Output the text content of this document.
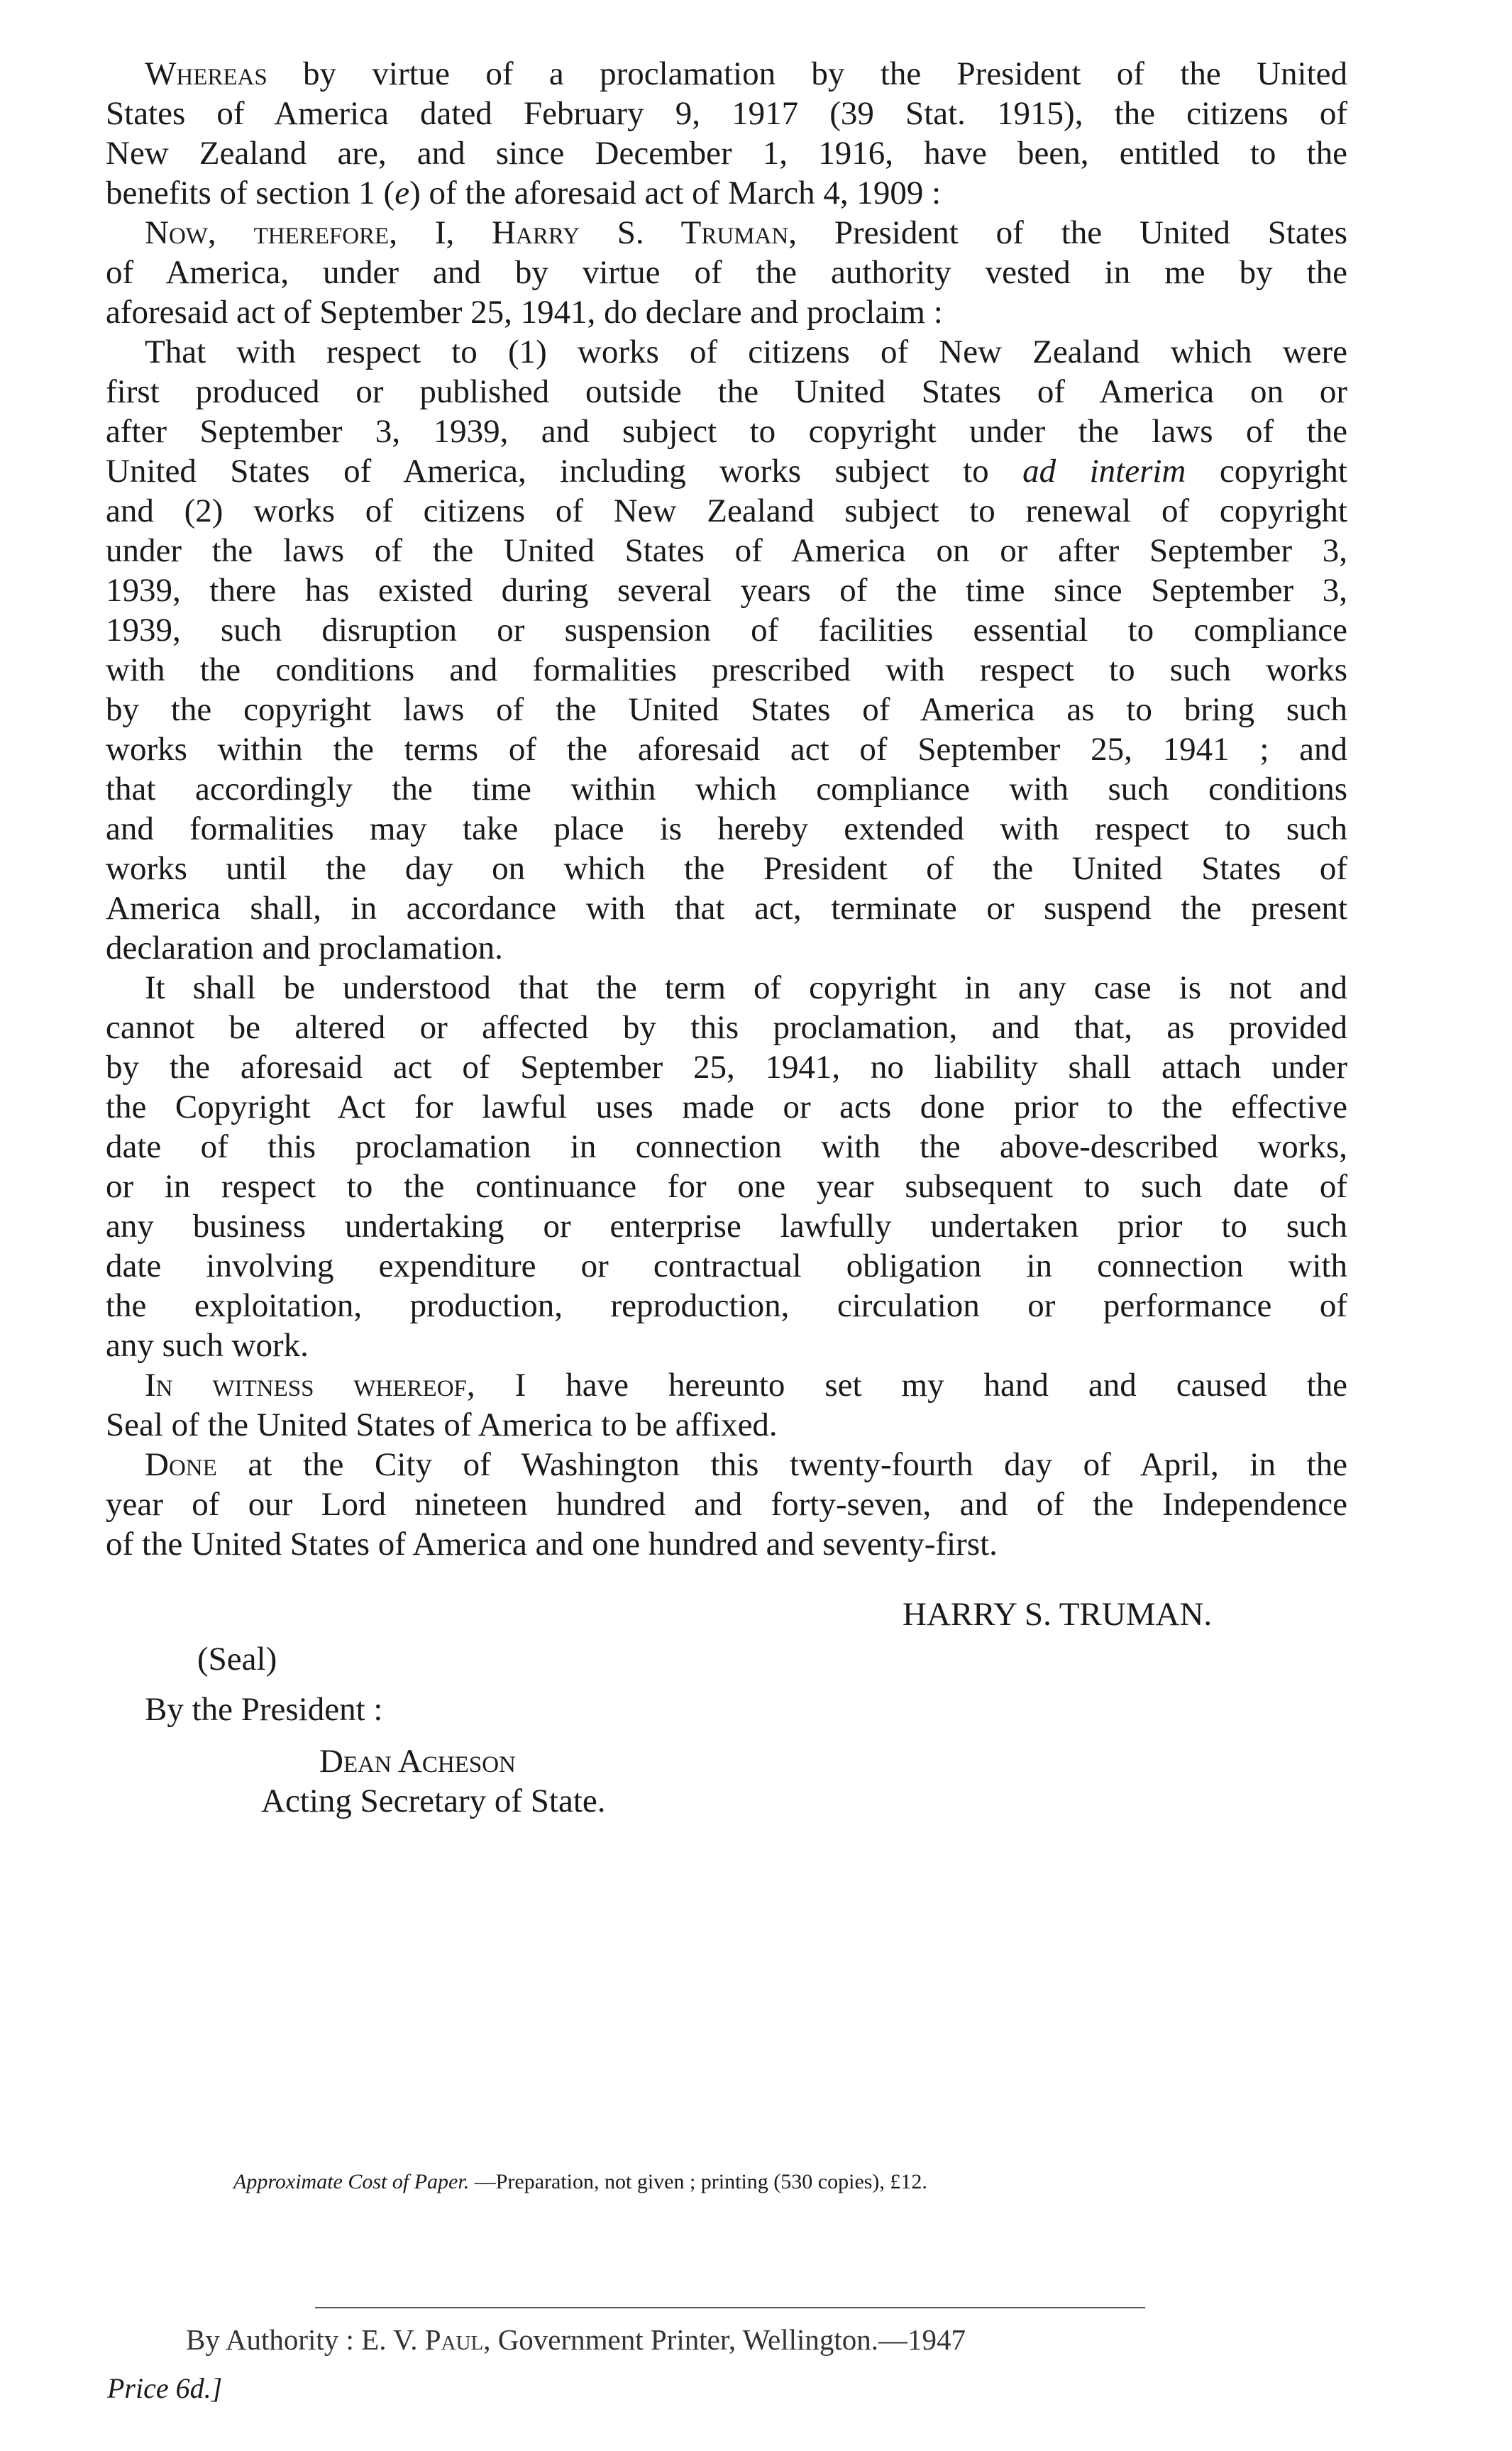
Whereas by virtue of a proclamation by the President of the United
States of America dated February 9, 1917 (39 Stat. 1915), the citizens of
New Zealand are, and since December 1, 1916, have been, entitled to the
benefits of section 1 (e) of the aforesaid act of March 4, 1909 :
Now, therefore, I, Harry S. Truman, President of the United States
of America, under and by virtue of the authority vested in me by the
aforesaid act of September 25, 1941, do declare and proclaim :
That with respect to (1) works of citizens of New Zealand which were
first produced or published outside the United States of America on or
after September 3, 1939, and subject to copyright under the laws of the
United States of America, including works subject to ad interim copyright
and (2) works of citizens of New Zealand subject to renewal of copyright
under the laws of the United States of America on or after September 3,
1939, there has existed during several years of the time since September 3,
1939, such disruption or suspension of facilities essential to compliance
with the conditions and formalities prescribed with respect to such works
by the copyright laws of the United States of America as to bring such
works within the terms of the aforesaid act of September 25, 1941 ; and
that accordingly the time within which compliance with such conditions
and formalities may take place is hereby extended with respect to such
works until the day on which the President of the United States of
America shall, in accordance with that act, terminate or suspend the present
declaration and proclamation.
It shall be understood that the term of copyright in any case is not and
cannot be altered or affected by this proclamation, and that, as provided
by the aforesaid act of September 25, 1941, no liability shall attach under
the Copyright Act for lawful uses made or acts done prior to the effective
date of this proclamation in connection with the above-described works,
or in respect to the continuance for one year subsequent to such date of
any business undertaking or enterprise lawfully undertaken prior to such
date involving expenditure or contractual obligation in connection with
the exploitation, production, reproduction, circulation or performance of
any such work.
In witness whereof, I have hereunto set my hand and caused the
Seal of the United States of America to be affixed.
Done at the City of Washington this twenty-fourth day of April, in the
year of our Lord nineteen hundred and forty-seven, and of the Independence
of the United States of America and one hundred and seventy-first.
HARRY S. TRUMAN.
(Seal)
By the President :
Dean Acheson
Acting Secretary of State.
Approximate Cost of Paper. —Preparation, not given ; printing (530 copies), £12.
By Authority : E. V. Paul, Government Printer, Wellington.—1947
Price 6d.]
